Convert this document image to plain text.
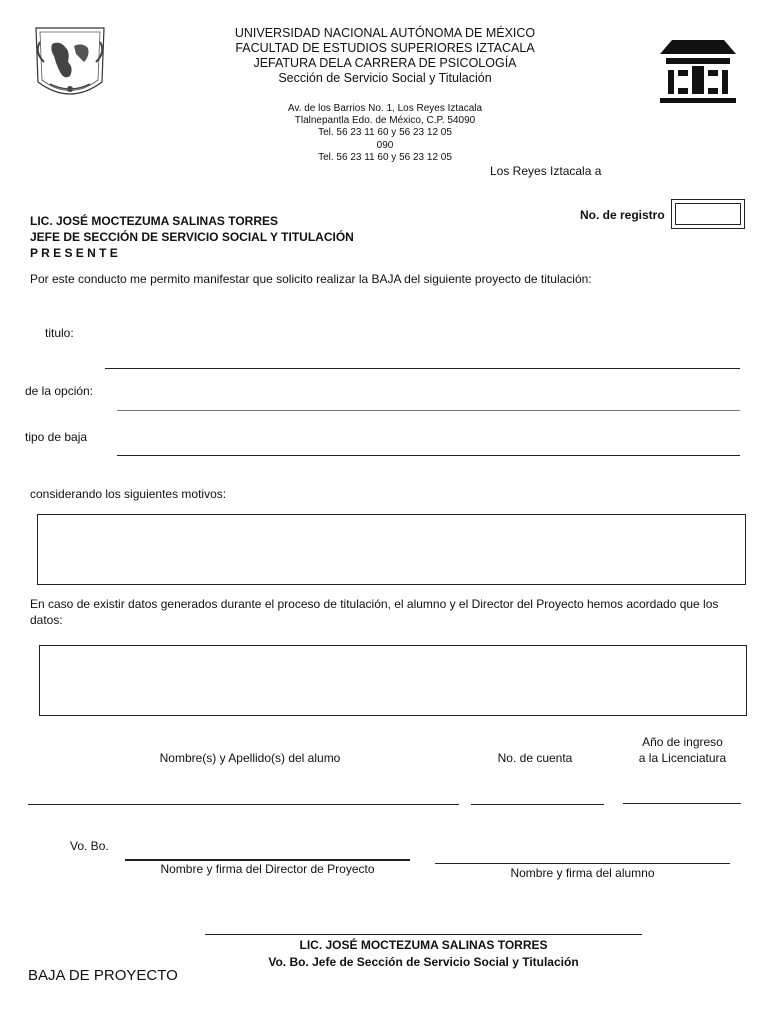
UNIVERSIDAD NACIONAL AUTÓNOMA DE MÉXICO
FACULTAD DE ESTUDIOS SUPERIORES IZTACALA
JEFATURA DELA CARRERA DE PSICOLOGÍA
Sección de Servicio Social y Titulación
Av. de los Barrios No. 1, Los Reyes Iztacala
Tlalnepantla Edo. de México, C.P. 54090
Tel. 56 23 11 60 y 56 23 12 05
090
Tel. 56 23 11 60 y 56 23 12 05
Los Reyes Iztacala a
No. de registro
LIC. JOSÉ MOCTEZUMA SALINAS TORRES
JEFE DE SECCIÓN DE SERVICIO SOCIAL Y TITULACIÓN
P R E S E N T E
Por este conducto me permito manifestar que solicito realizar la BAJA del siguiente proyecto de titulación:
titulo:
de la opción:
tipo de baja
considerando los siguientes motivos:
En caso de existir datos generados durante el proceso de titulación, el alumno y el Director del Proyecto hemos acordado que los datos:
Nombre(s) y Apellido(s) del alumo	No. de cuenta
Año de ingreso
a la Licenciatura
Vo. Bo.
Nombre y firma del Director de Proyecto	Nombre y firma del alumno
LIC. JOSÉ MOCTEZUMA SALINAS TORRES
Vo. Bo. Jefe de Sección de Servicio Social y Titulación
BAJA DE PROYECTO
